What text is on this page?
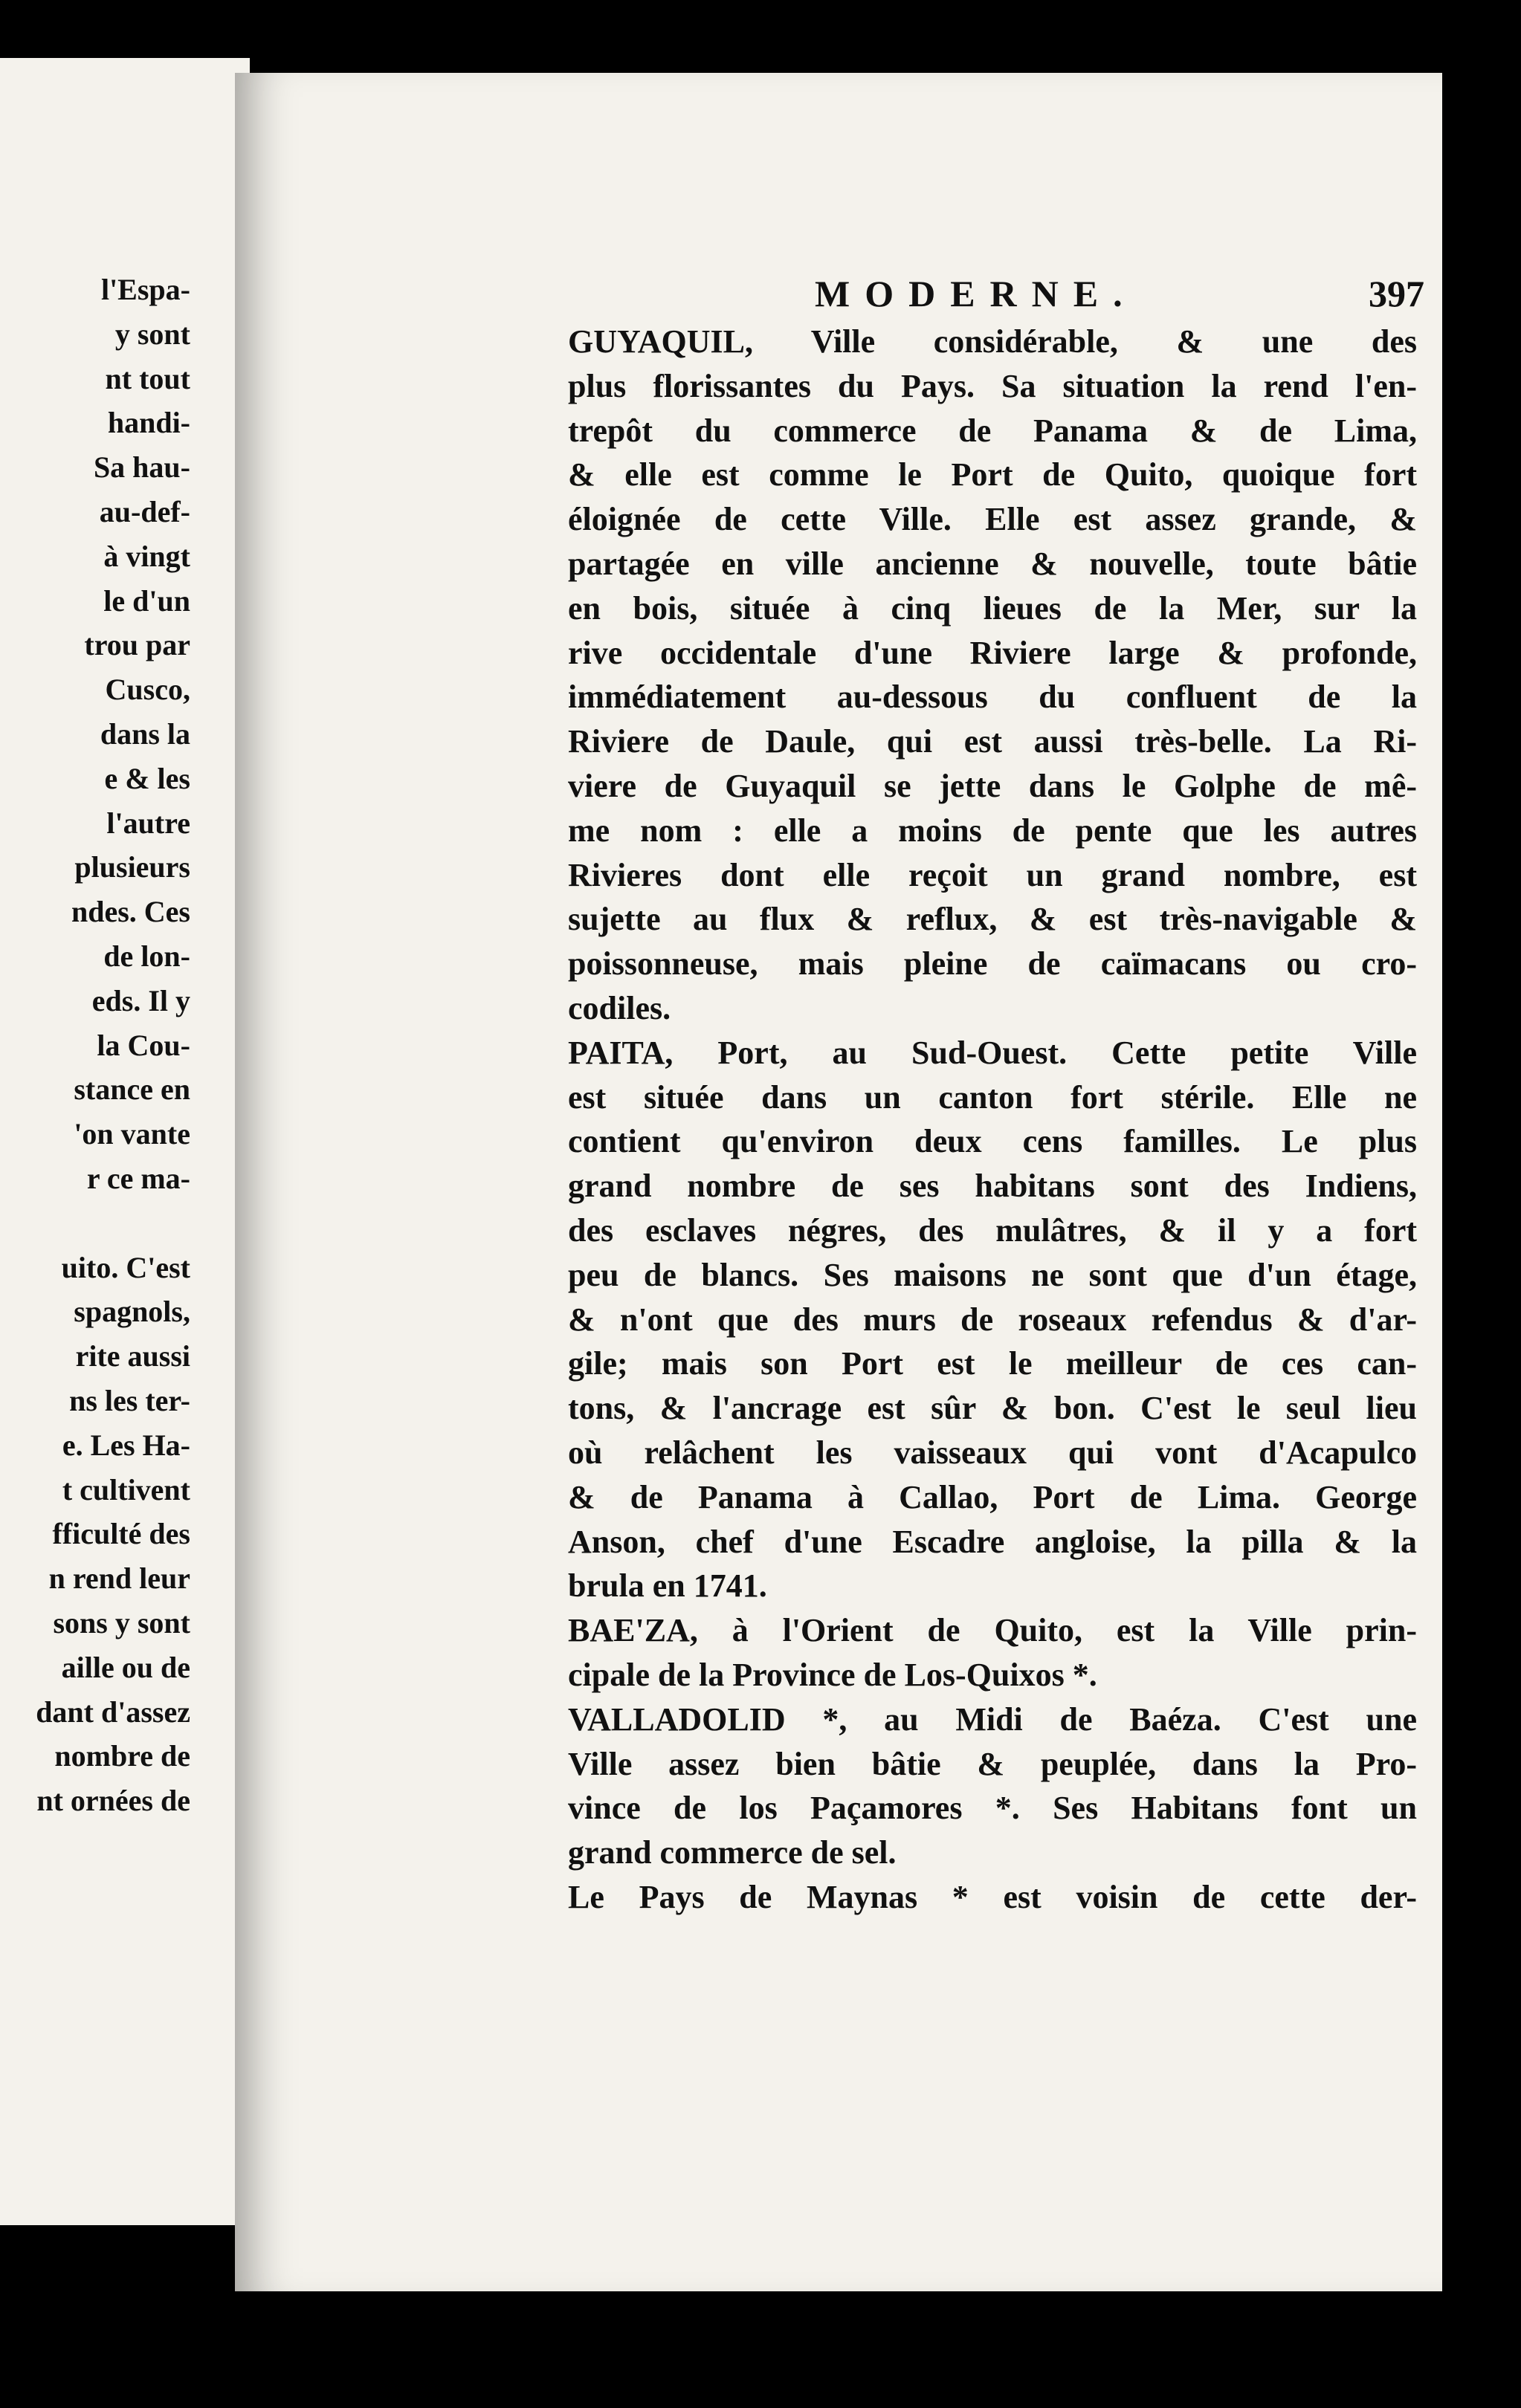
l'Espa-
y sont
nt tout
handi-
Sa hau-
au-def-
à vingt
le d'un
trou par
Cusco,
dans la
e & les
l'autre
plusieurs
ndes. Ces
de lon-
eds. Il y
la Cou-
stance en
'on vante
r ce ma-

uito. C'est
spagnols,
rite aussi
ns les ter-
e. Les Ha-
t cultivent
fficulté des
n rend leur
sons y sont
aille ou de
dant d'assez
nombre de
nt ornées de
MODERNE.	397
GUYAQUIL, Ville considérable, & une des
plus florissantes du Pays. Sa situation la rend l'en-
trepôt du commerce de Panama & de Lima,
& elle est comme le Port de Quito, quoique fort
éloignée de cette Ville. Elle est assez grande, &
partagée en ville ancienne & nouvelle, toute bâtie
en bois, située à cinq lieues de la Mer, sur la
rive occidentale d'une Riviere large & profonde,
immédiatement au-dessous du confluent de la
Riviere de Daule, qui est aussi très-belle. La Ri-
viere de Guyaquil se jette dans le Golphe de mê-
me nom : elle a moins de pente que les autres
Rivieres dont elle reçoit un grand nombre, est
sujette au flux & reflux, & est très-navigable &
poissonneuse, mais pleine de caïmacans ou cro-
codiles.
PAITA, Port, au Sud-Ouest. Cette petite Ville
est située dans un canton fort stérile. Elle ne
contient qu'environ deux cens familles. Le plus
grand nombre de ses habitans sont des Indiens,
des esclaves négres, des mulâtres, & il y a fort
peu de blancs. Ses maisons ne sont que d'un étage,
& n'ont que des murs de roseaux refendus & d'ar-
gile; mais son Port est le meilleur de ces can-
tons, & l'ancrage est sûr & bon. C'est le seul lieu
où relâchent les vaisseaux qui vont d'Acapulco
& de Panama à Callao, Port de Lima. George
Anson, chef d'une Escadre angloise, la pilla & la
brula en 1741.
BAE'ZA, à l'Orient de Quito, est la Ville prin-
cipale de la Province de Los-Quixos *.
VALLADOLID *, au Midi de Baéza. C'est une
Ville assez bien bâtie & peuplée, dans la Pro-
vince de los Paçamores *. Ses Habitans font un
grand commerce de sel.
Le Pays de Maynas * est voisin de cette der-
